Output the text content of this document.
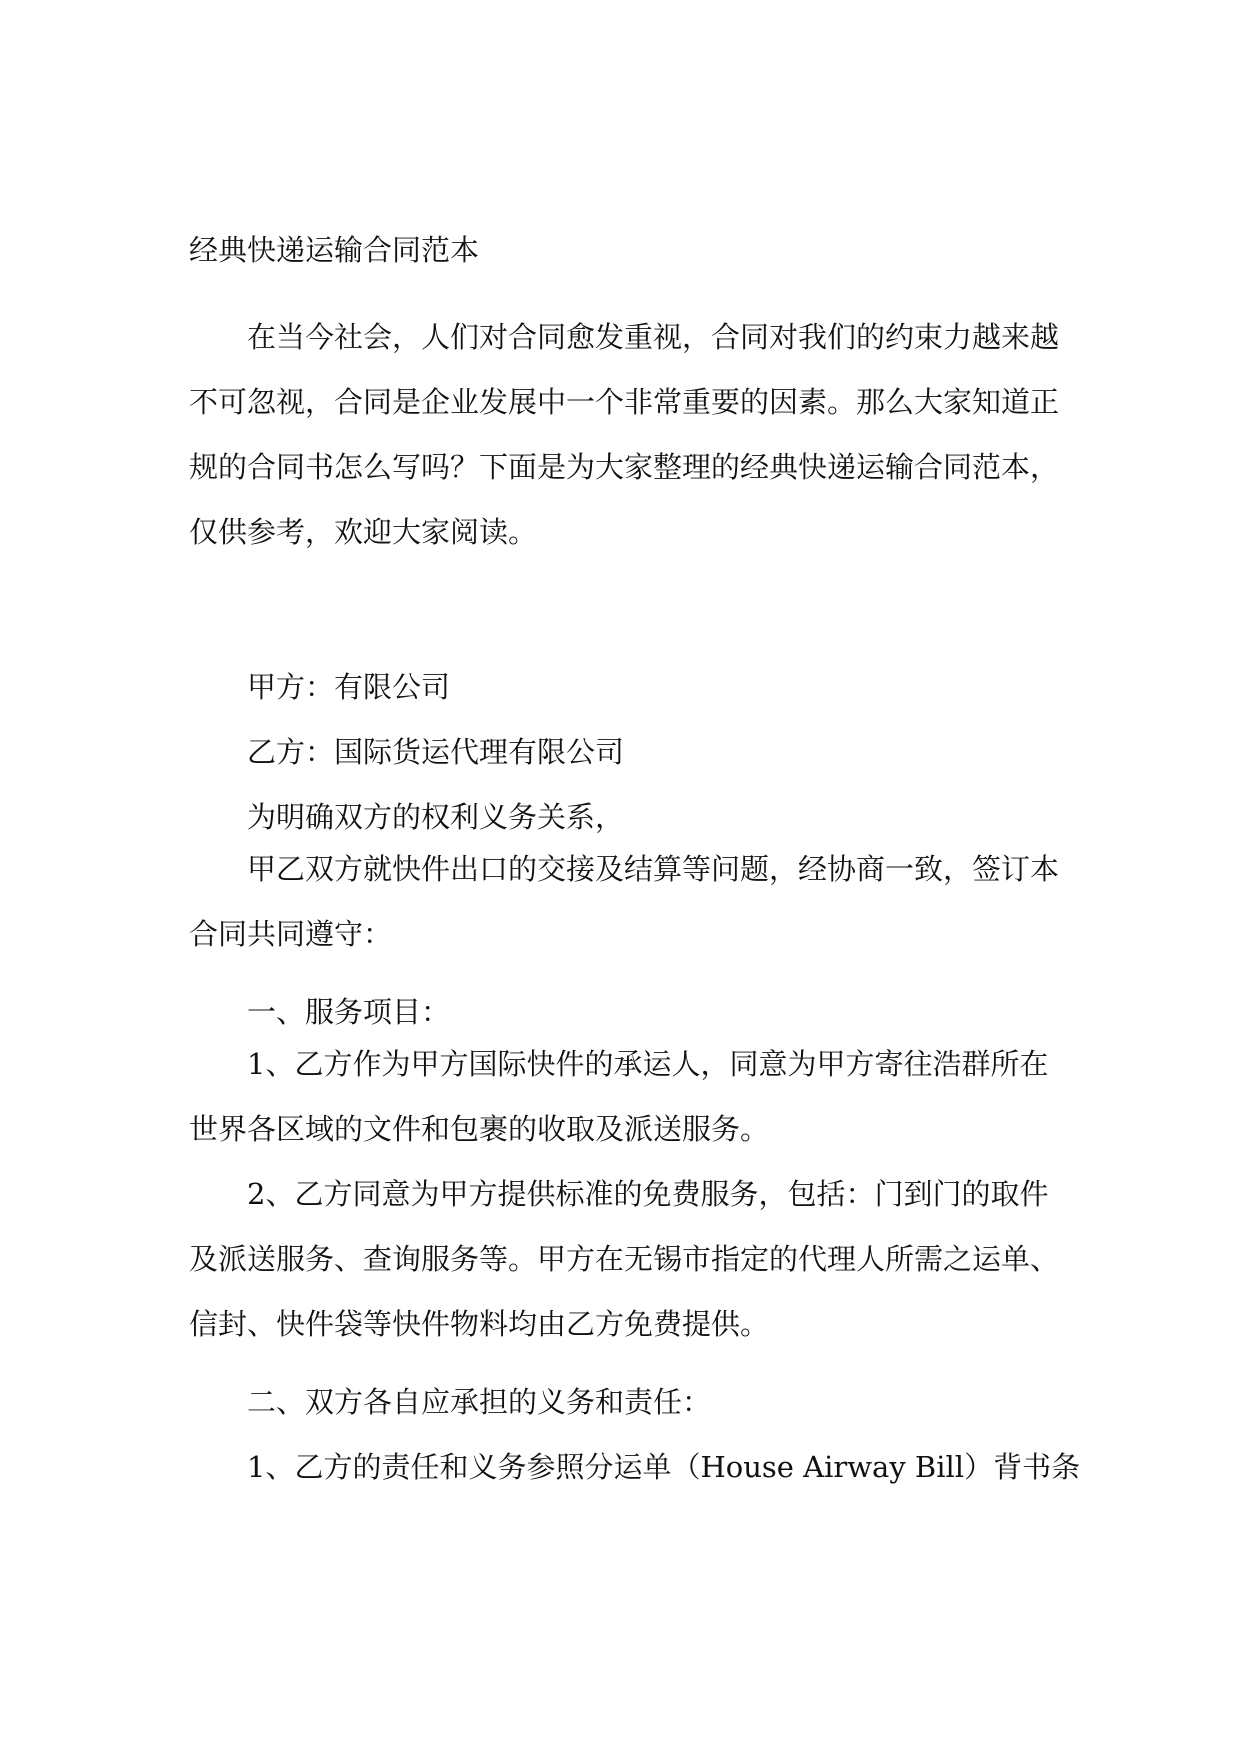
经典快递运输合同范本
在当今社会，人们对合同愈发重视，合同对我们的约束力越来越
不可忽视，合同是企业发展中一个非常重要的因素。那么大家知道正
规的合同书怎么写吗？下面是为大家整理的经典快递运输合同范本，
仅供参考，欢迎大家阅读。
甲方：有限公司
乙方：国际货运代理有限公司
为明确双方的权利义务关系，
甲乙双方就快件出口的交接及结算等问题，经协商一致，签订本
合同共同遵守：
一、服务项目：
1、乙方作为甲方国际快件的承运人，同意为甲方寄往浩群所在
世界各区域的文件和包裹的收取及派送服务。
2、乙方同意为甲方提供标准的免费服务，包括：门到门的取件
及派送服务、查询服务等。甲方在无锡市指定的代理人所需之运单、
信封、快件袋等快件物料均由乙方免费提供。
二、双方各自应承担的义务和责任：
1、乙方的责任和义务参照分运单（House Airway Bill）背书条
